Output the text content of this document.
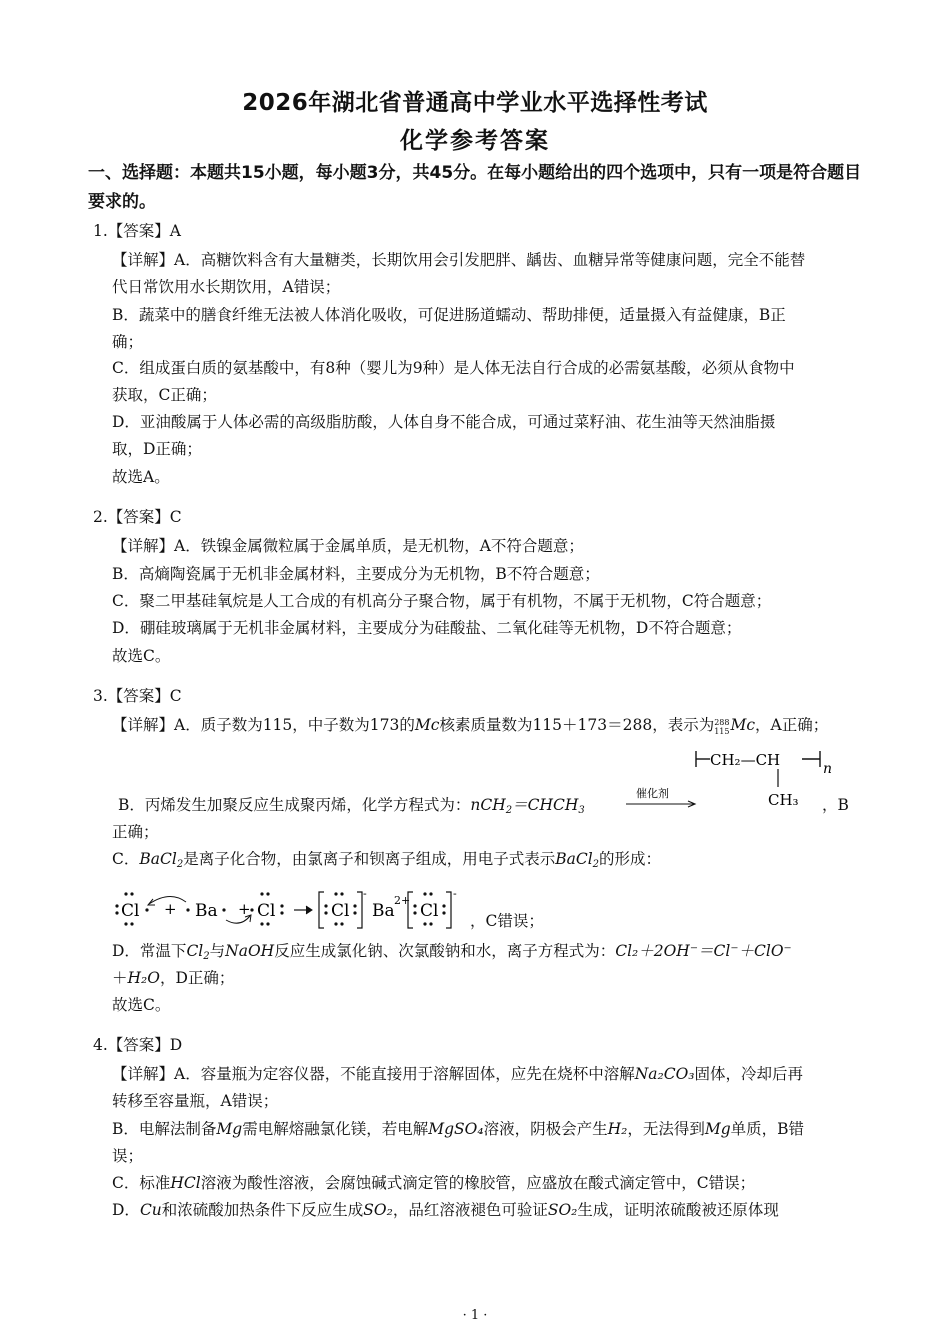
2026年湖北省普通高中学业水平选择性考试
化学参考答案
一、选择题：本题共15小题，每小题3分，共45分。在每小题给出的四个选项中，只有一项是符合题目要求的。
1.【答案】A
【详解】A．高糖饮料含有大量糖类，长期饮用会引发肥胖、龋齿、血糖异常等健康问题，完全不能替
代日常饮用水长期饮用，A错误；
B．蔬菜中的膳食纤维无法被人体消化吸收，可促进肠道蠕动、帮助排便，适量摄入有益健康，B正
确；
C．组成蛋白质的氨基酸中，有8种（婴儿为9种）是人体无法自行合成的必需氨基酸，必须从食物中
获取，C正确；
D．亚油酸属于人体必需的高级脂肪酸，人体自身不能合成，可通过菜籽油、花生油等天然油脂摄
取，D正确；
故选A。
2.【答案】C
【详解】A．铁镍金属微粒属于金属单质，是无机物，A不符合题意；
B．高熵陶瓷属于无机非金属材料，主要成分为无机物，B不符合题意；
C．聚二甲基硅氧烷是人工合成的有机高分子聚合物，属于有机物，不属于无机物，C符合题意；
D．硼硅玻璃属于无机非金属材料，主要成分为硅酸盐、二氧化硅等无机物，D不符合题意；
故选C。
3.【答案】C
【详解】A．质子数为115，中子数为173的Mc核素质量数为115＋173＝288，表示为288
115Mc，A正确；
CH₂—CH	n
CH₃
B．丙烯发生加聚反应生成聚丙烯，化学方程式为：$nCH_2=CHCH_3$
催化剂
，B
正确；
C．BaCl$_2$是离子化合物，由氯离子和钡离子组成，用电子式表示BaCl$_2$的形成：
Cl + Ba + Cl	Cl
-
Ba
2+
Cl
-
，C错误；
D．常温下$Cl_2$与NaOH反应生成氯化钠、次氯酸钠和水，离子方程式为：Cl₂＋2OH⁻＝Cl⁻＋ClO⁻
＋H₂O，D正确；
故选C。
4.【答案】D
【详解】A．容量瓶为定容仪器，不能直接用于溶解固体，应先在烧杯中溶解Na₂CO₃固体，冷却后再
转移至容量瓶，A错误；
B．电解法制备Mg需电解熔融氯化镁，若电解MgSO₄溶液，阴极会产生H₂，无法得到Mg单质，B错
误；
C．标准HCl溶液为酸性溶液，会腐蚀碱式滴定管的橡胶管，应盛放在酸式滴定管中，C错误；
D．Cu和浓硫酸加热条件下反应生成SO₂，品红溶液褪色可验证SO₂生成，证明浓硫酸被还原体现
· 1 ·
